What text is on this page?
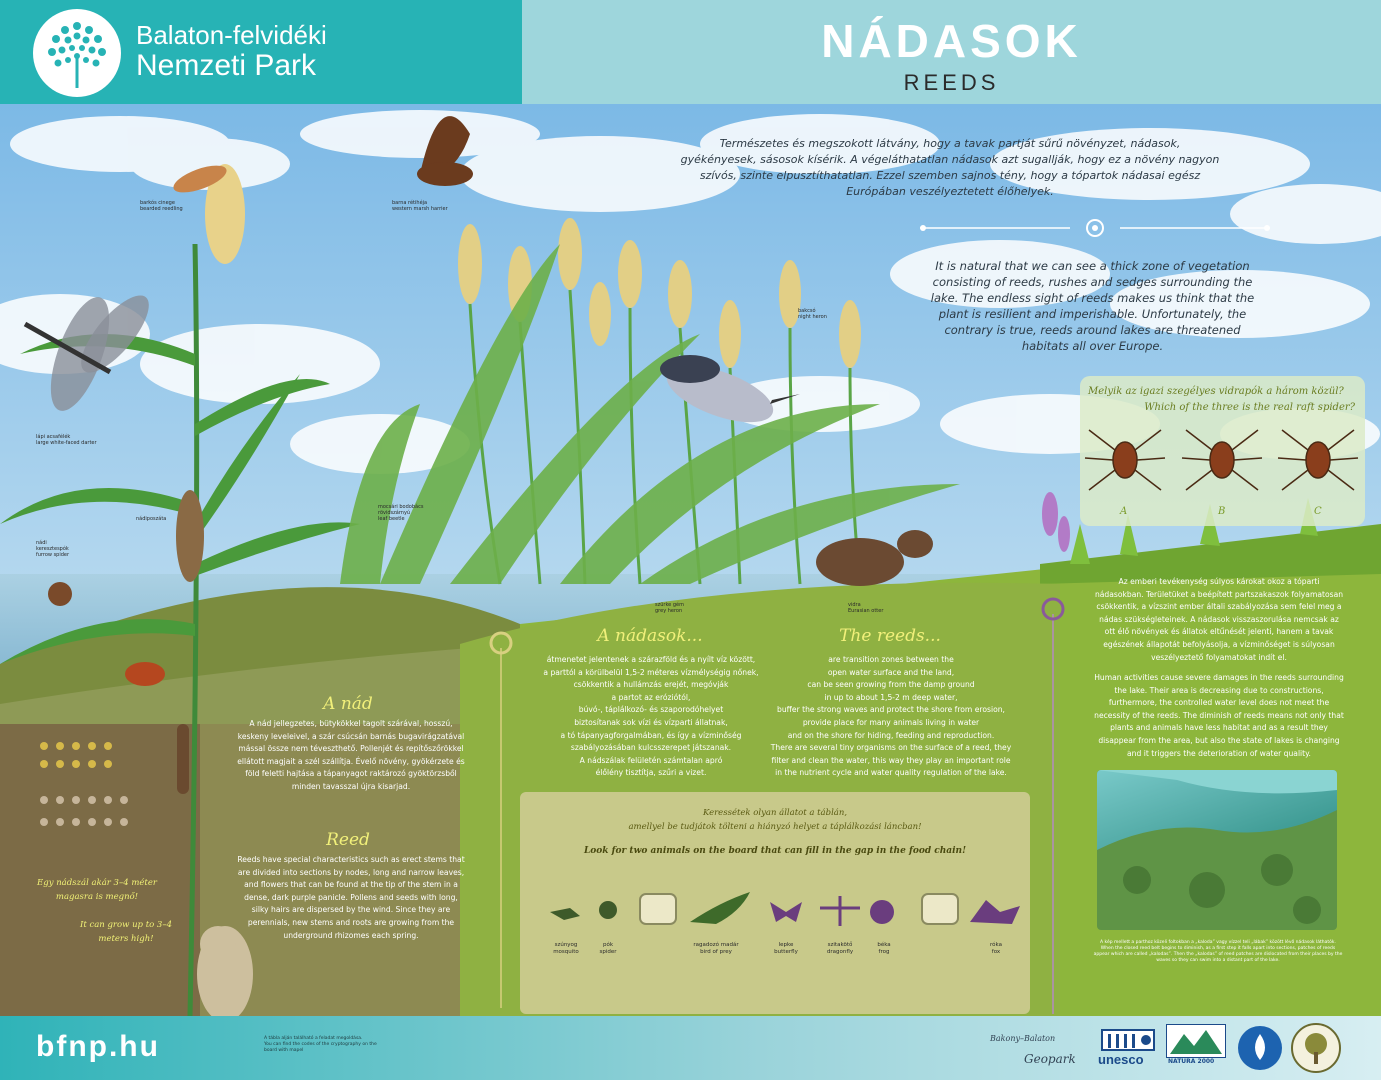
Balaton-felvidéki
Nemzeti Park	NÁDASOK
REEDS
barkós cinege
bearded reedling
barna rétihéja
western marsh harrier
lápi acsafélék
large white-faced darter
nádiposzáta
nádi
keresztespók
furrow spider
mocsári bodobács
rövidszárnyú
leaf beetle
bakcsó
night heron
szürke gém
grey heron
vidra
Eurasian otter
Természetes és megszokott látvány, hogy a tavak partját sűrű növényzet, nádasok, gyékényesek, sásosok kísérik. A végeláthatatlan nádasok azt sugallják, hogy ez a növény nagyon szívós, szinte elpusztíthatatlan. Ezzel szemben sajnos tény, hogy a tópartok nádasai egész Európában veszélyeztetett élőhelyek.
It is natural that we can see a thick zone of vegetation consisting of reeds, rushes and sedges surrounding the lake. The endless sight of reeds makes us think that the plant is resilient and imperishable. Unfortunately, the contrary is true, reeds around lakes are threatened habitats all over Europe.
Melyik az igazi szegélyes vidrapók a három közül?
Which of the three is the real raft spider?
A	B	C
A nád
A nád jellegzetes, bütykökkel tagolt szárával, hosszú, keskeny leveleivel, a szár csúcsán barnás bugavirágzatával mással össze nem téveszthető. Pollenjét és repítőszőrökkel ellátott magjait a szél szállítja. Évelő növény, gyökérzete és föld feletti hajtása a tápanyagot raktározó gyöktörzsből minden tavasszal újra kisarjad.
Reed
Reeds have special characteristics such as erect stems that are divided into sections by nodes, long and narrow leaves, and flowers that can be found at the tip of the stem in a dense, dark purple panicle. Pollens and seeds with long, silky hairs are dispersed by the wind. Since they are perennials, new stems and roots are growing from the underground rhizomes each spring.
Egy nádszál akár 3–4 méter magasra is megnő!
It can grow up to 3–4 meters high!
A nádasok...
átmenetet jelentenek a szárazföld és a nyílt víz között,
a parttól a körülbelül 1,5-2 méteres vízmélységig nőnek,
csökkentik a hullámzás erejét, megóvják
a partot az eróziótól,
búvó-, táplálkozó- és szaporodóhelyet
biztosítanak sok vízi és vízparti állatnak,
a tó tápanyagforgalmában, és így a vízminőség
szabályozásában kulcsszerepet játszanak.
A nádszálak felületén számtalan apró
élőlény tisztítja, szűri a vizet.
The reeds...
are transition zones between the
open water surface and the land,
can be seen growing from the damp ground
in up to about 1,5-2 m deep water,
buffer the strong waves and protect the shore from erosion,
provide place for many animals living in water
and on the shore for hiding, feeding and reproduction.
There are several tiny organisms on the surface of a reed, they
filter and clean the water, this way they play an important role
in the nutrient cycle and water quality regulation of the lake.
Az emberi tevékenység súlyos károkat okoz a tóparti nádasokban. Területüket a beépített partszakaszok folyamatosan csökkentik, a vízszint ember általi szabályozása sem felel meg a nádas szükségleteinek. A nádasok visszaszorulása nemcsak az ott élő növények és állatok eltűnését jelenti, hanem a tavak egészének állapotát befolyásolja, a vízminőséget is súlyosan veszélyeztető folyamatokat indít el.
Human activities cause severe damages in the reeds surrounding the lake. Their area is decreasing due to constructions, furthermore, the controlled water level does not meet the necessity of the reeds. The diminish of reeds means not only that plants and animals have less habitat and as a result they disappear from the area, but also the state of lakes is changing and it triggers the deterioration of water quality.
A kép mellett a parthoz közeli foltokban a „kaloda” vagy vízzel teli „lábak” között lévő nádasok láthatók. When the closed reed belt begins to diminish, as a first step it falls apart into sections, patches of reeds appear which are called „kalodas”. Then the „kalodas” of reed patches are dislocated from their places by the waves so they can swim into a distant part of the lake.
Keressétek olyan állatot a táblán,
amellyel be tudjátok tölteni a hiányzó helyet a táplálkozási láncban!
Look for two animals on the board that can fill in the gap in the food chain!
szúnyog
mosquito
pók
spider
ragadozó madár
bird of prey
lepke
butterfly
szitakötő
dragonfly
béka
frog
róka
fox
bfnp.hu	A tábla alján található a feladat megoldása.
You can find the codes of the cryptography on the board with mapel
Bakony–Balaton
Geopark unesco	NATURA 2000
